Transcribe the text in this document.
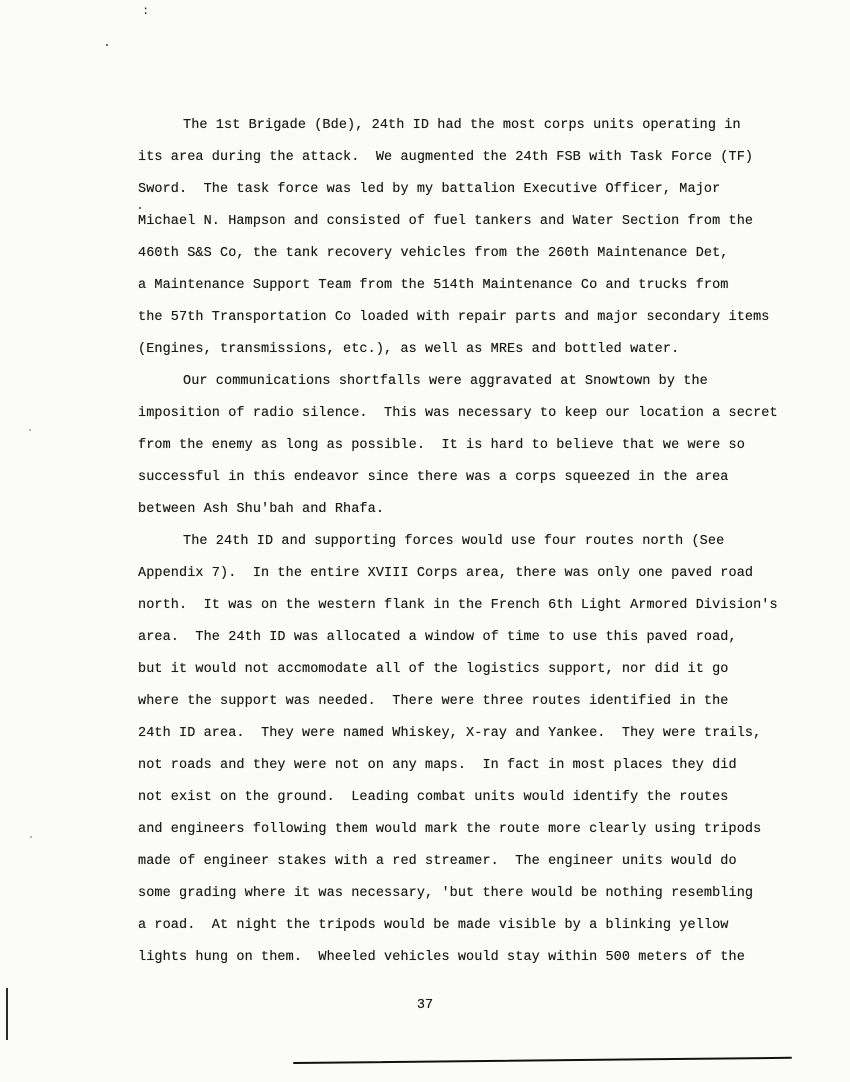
:

The 1st Brigade (Bde), 24th ID had the most corps units operating in
its area during the attack.  We augmented the 24th FSB with Task Force (TF)
Sword.  The task force was led by my battalion Executive Officer, Major
Michael N. Hampson and consisted of fuel tankers and Water Section from the
460th S&S Co, the tank recovery vehicles from the 260th Maintenance Det,
a Maintenance Support Team from the 514th Maintenance Co and trucks from
the 57th Transportation Co loaded with repair parts and major secondary items
(Engines, transmissions, etc.), as well as MREs and bottled water.

Our communications shortfalls were aggravated at Snowtown by the
imposition of radio silence.  This was necessary to keep our location a secret
from the enemy as long as possible.  It is hard to believe that we were so
successful in this endeavor since there was a corps squeezed in the area
between Ash Shu'bah and Rhafa.

The 24th ID and supporting forces would use four routes north (See
Appendix 7).  In the entire XVIII Corps area, there was only one paved road
north.  It was on the western flank in the French 6th Light Armored Division's
area.  The 24th ID was allocated a window of time to use this paved road,
but it would not accmomodate all of the logistics support, nor did it go
where the support was needed.  There were three routes identified in the
24th ID area.  They were named Whiskey, X-ray and Yankee.  They were trails,
not roads and they were not on any maps.  In fact in most places they did
not exist on the ground.  Leading combat units would identify the routes
and engineers following them would mark the route more clearly using tripods
made of engineer stakes with a red streamer.  The engineer units would do
some grading where it was necessary, 'but there would be nothing resembling
a road.  At night the tripods would be made visible by a blinking yellow
lights hung on them.  Wheeled vehicles would stay within 500 meters of the

37
